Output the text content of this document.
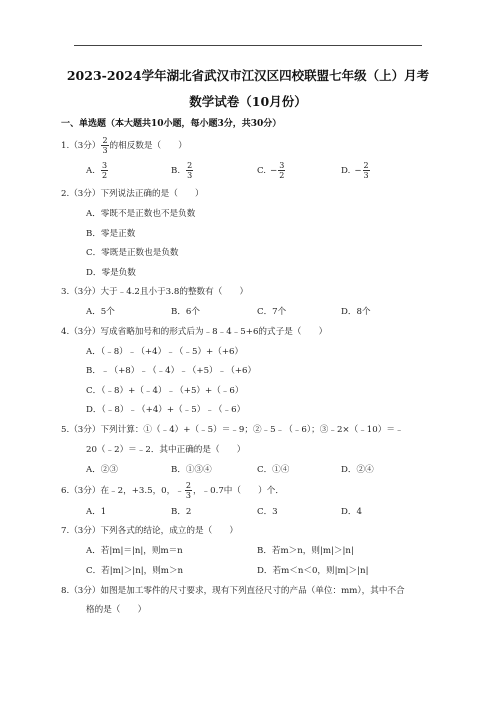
2023-2024学年湖北省武汉市江汉区四校联盟七年级（上）月考
数学试卷（10月份）
一、单选题（本大题共10小题，每小题3分，共30分）
1.（3分） $\frac{2}{3}$ 的相反数是（　　）
A. $\frac{3}{2}$	B. $\frac{2}{3}$	C. − $\frac{3}{2}$	D. − $\frac{2}{3}$
2.（3分）下列说法正确的是（　　）
A．零既不是正数也不是负数
B．零是正数
C．零既是正数也是负数
D．零是负数
3.（3分）大于﹣4.2且小于3.8的整数有（　　）
A．5个	B．6个	C．7个	D．8个
4.（3分）写成省略加号和的形式后为﹣8﹣4﹣5+6的式子是（　　）
A．（﹣8）﹣（+4）﹣（﹣5）+（+6）
B．﹣（+8）﹣（﹣4）﹣（+5）﹣（+6）
C．（﹣8）+（﹣4）﹣（+5）+（﹣6）
D．（﹣8）﹣（+4）+（﹣5）﹣（﹣6）
5.（3分）下列计算：①（﹣4）+（﹣5）＝﹣9；②﹣5﹣（﹣6）；③﹣2×（﹣10）＝﹣
20（﹣2）＝﹣2．其中正确的是（　　）
A．②③	B．①③④	C．①④	D．②④
6.（3分）在﹣2，+3.5，0，﹣ $\frac{2}{3}$ ，﹣0.7中（　　）个．
A．1	B．2	C．3	D．4
7.（3分）下列各式的结论，成立的是（　　）
A．若|m|＝|n|，则m＝n	B．若m＞n，则|m|＞|n|
C．若|m|＞|n|，则m＞n	D．若m＜n＜0，则|m|＞|n|
8.（3分）如图是加工零件的尺寸要求，现有下列直径尺寸的产品（单位：mm），其中不合
格的是（　　）
